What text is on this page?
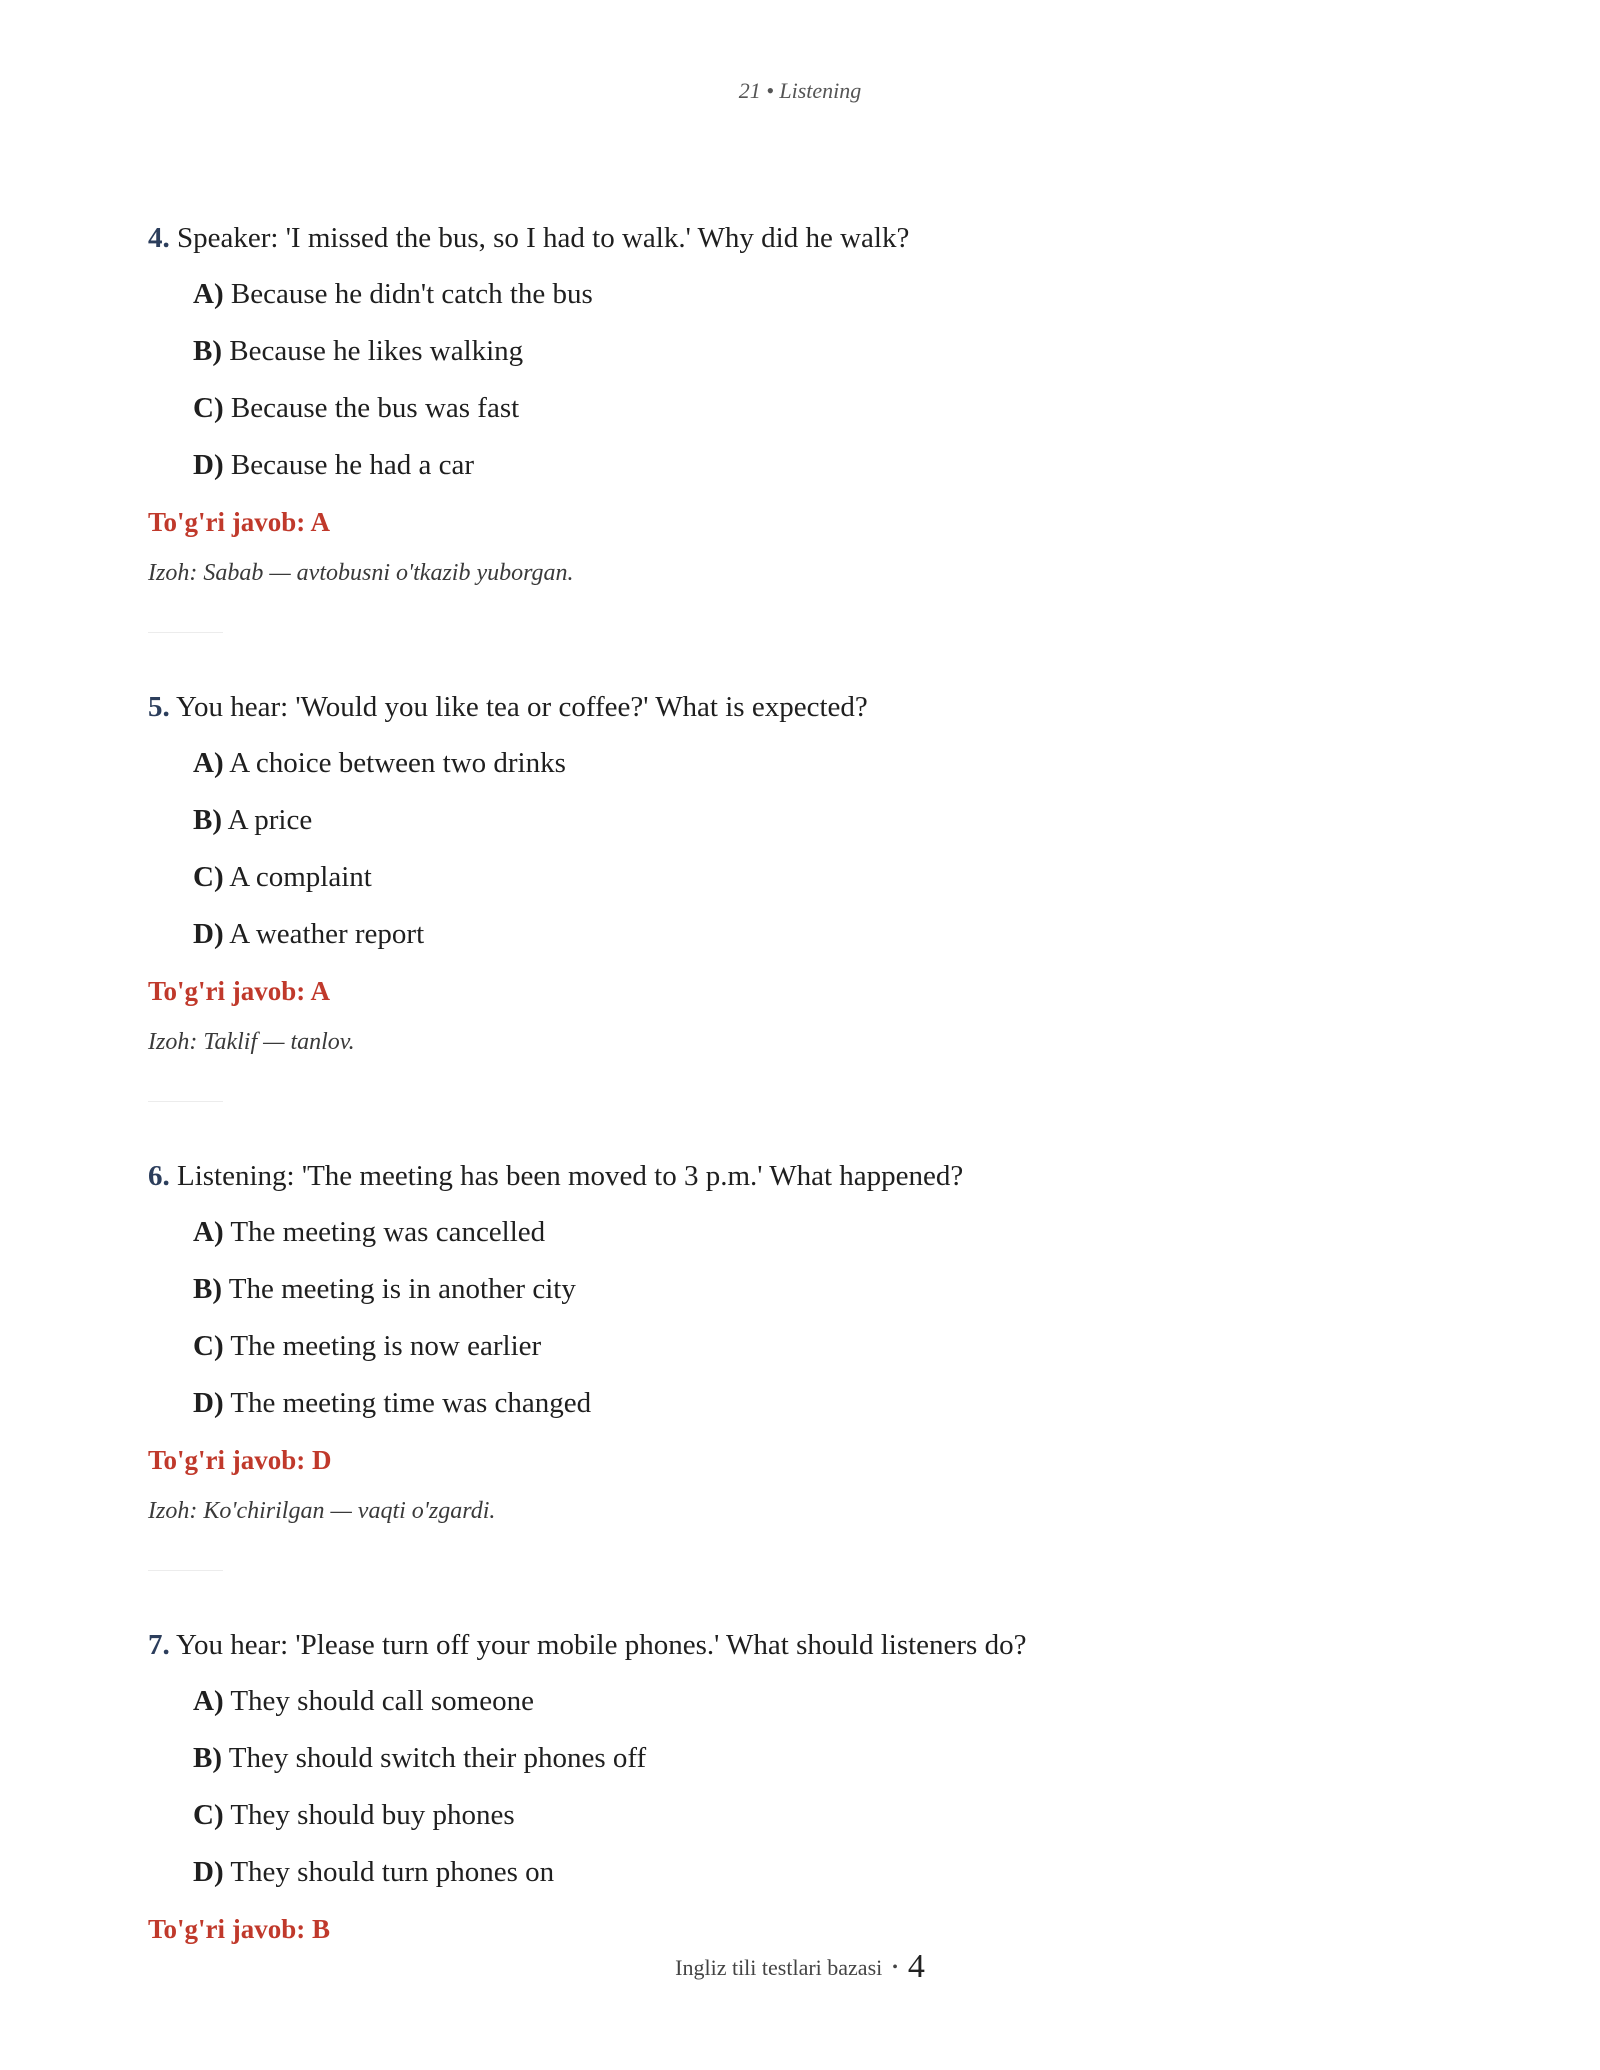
21 • Listening

4. Speaker: 'I missed the bus, so I had to walk.' Why did he walk?

A) Because he didn't catch the bus

B) Because he likes walking

C) Because the bus was fast

D) Because he had a car

To'g'ri javob: A

Izoh: Sabab — avtobusni o'tkazib yuborgan.

5. You hear: 'Would you like tea or coffee?' What is expected?

A) A choice between two drinks

B) A price

C) A complaint

D) A weather report

To'g'ri javob: A

Izoh: Taklif — tanlov.

6. Listening: 'The meeting has been moved to 3 p.m.' What happened?

A) The meeting was cancelled

B) The meeting is in another city

C) The meeting is now earlier

D) The meeting time was changed

To'g'ri javob: D

Izoh: Ko'chirilgan — vaqti o'zgardi.

7. You hear: 'Please turn off your mobile phones.' What should listeners do?

A) They should call someone

B) They should switch their phones off

C) They should buy phones

D) They should turn phones on

To'g'ri javob: B

Ingliz tili testlari bazasi • 4
